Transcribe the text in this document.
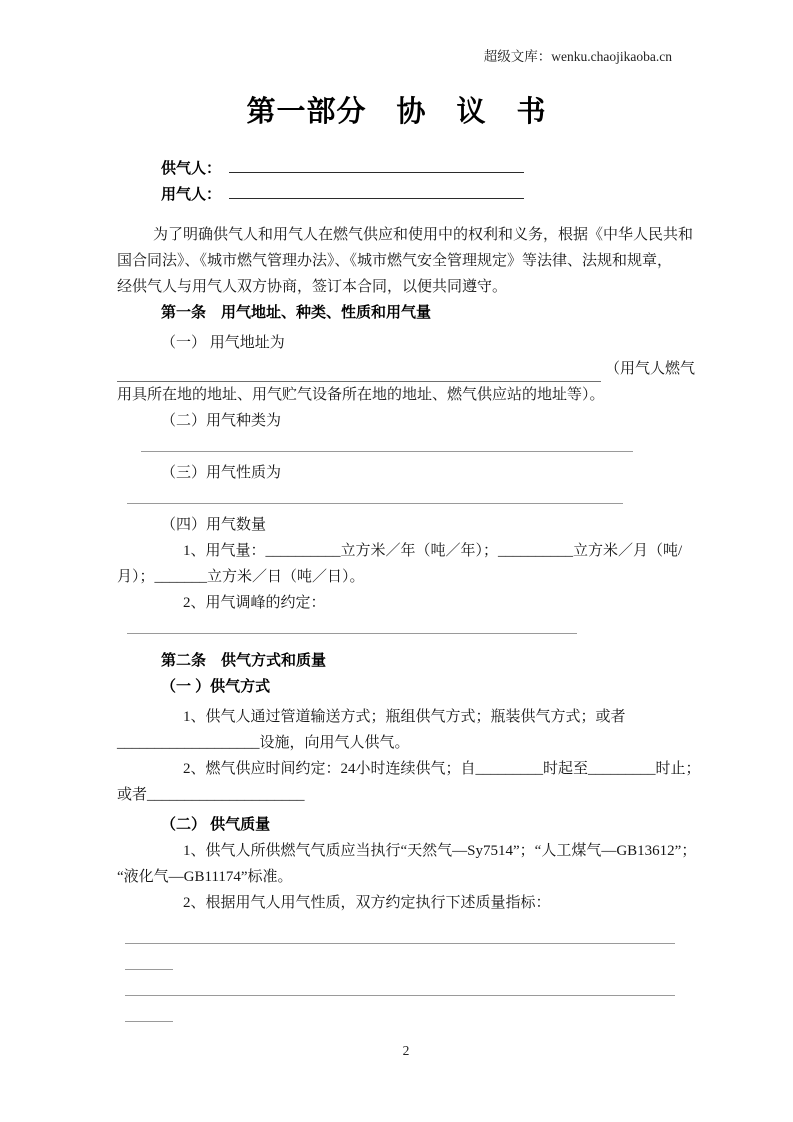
超级文库：wenku.chaojikaoba.cn
第一部分　协　议　书
供气人：
用气人：
为了明确供气人和用气人在燃气供应和使用中的权利和义务，根据《中华人民共和
国合同法》、《城市燃气管理办法》、《城市燃气安全管理规定》等法律、法规和规章，
经供气人与用气人双方协商，签订本合同，以便共同遵守。
第一条　用气地址、种类、性质和用气量
（一） 用气地址为
（用气人燃气
用具所在地的地址、用气贮气设备所在地的地址、燃气供应站的地址等）。
（二）用气种类为
（三）用气性质为
（四）用气数量
1、用气量：__________立方米／年（吨／年）；__________立方米／月（吨/
月）；_______立方米／日（吨／日）。
2、用气调峰的约定：
第二条　供气方式和质量
（一 ）供气方式
1、供气人通过管道输送方式；瓶组供气方式；瓶装供气方式；或者
___________________设施，向用气人供气。
2、燃气供应时间约定：24小时连续供气；自_________时起至_________时止；
或者_____________________
（二） 供气质量
1、供气人所供燃气气质应当执行“天然气—Sy7514”；“人工煤气—GB13612”；
“液化气—GB11174”标准。
2、根据用气人用气性质，双方约定执行下述质量指标：
2
